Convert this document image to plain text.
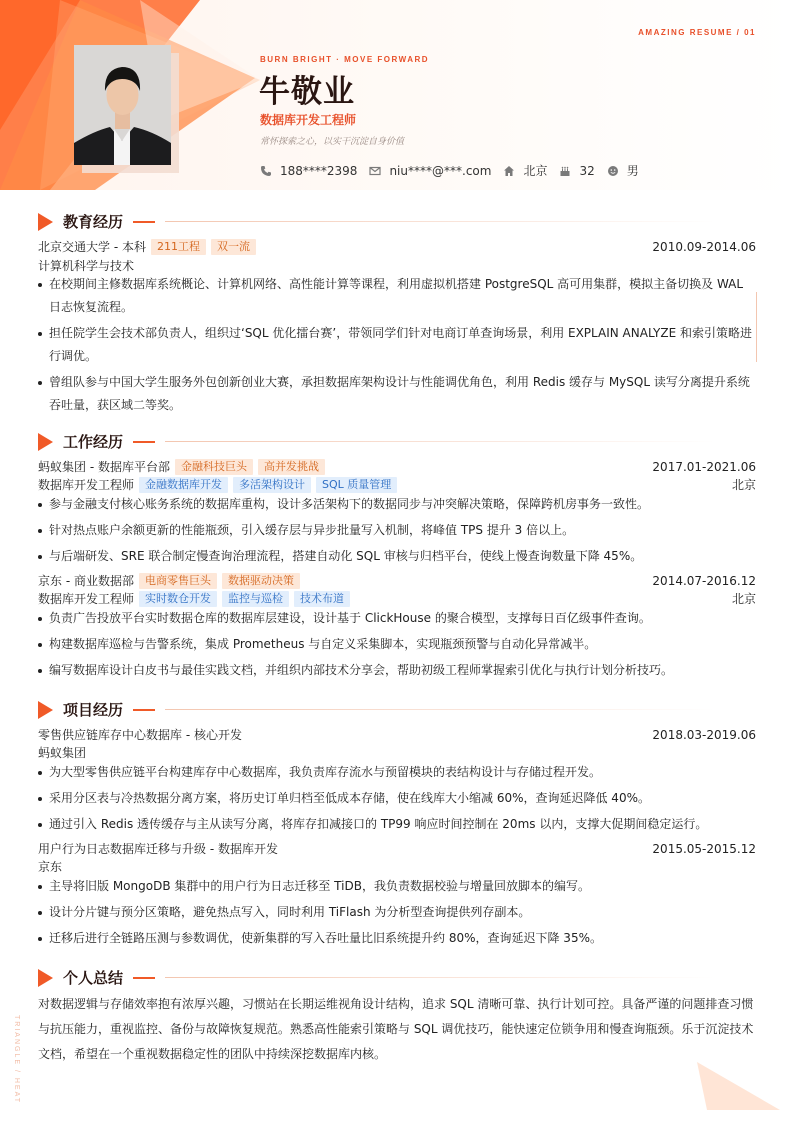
AMAZING RESUME / 01
BURN BRIGHT · MOVE FORWARD
牛敬业
数据库开发工程师
常怀探索之心，以实干沉淀自身价值
188****2398	niu****@***.com	北京	32	男
教育经历
北京交通大学 - 本科	211工程	双一流	2010.09-2014.06
计算机科学与技术
在校期间主修数据库系统概论、计算机网络、高性能计算等课程，利用虚拟机搭建 PostgreSQL 高可用集群，模拟主备切换及 WAL 日志恢复流程。
担任院学生会技术部负责人，组织过‘SQL 优化擂台赛’，带领同学们针对电商订单查询场景，利用 EXPLAIN ANALYZE 和索引策略进行调优。
曾组队参与中国大学生服务外包创新创业大赛，承担数据库架构设计与性能调优角色，利用 Redis 缓存与 MySQL 读写分离提升系统吞吐量，获区域二等奖。
工作经历
蚂蚁集团 - 数据库平台部	金融科技巨头	高并发挑战	2017.01-2021.06
数据库开发工程师	金融数据库开发	多活架构设计	SQL 质量管理	北京
参与金融支付核心账务系统的数据库重构，设计多活架构下的数据同步与冲突解决策略，保障跨机房事务一致性。
针对热点账户余额更新的性能瓶颈，引入缓存层与异步批量写入机制，将峰值 TPS 提升 3 倍以上。
与后端研发、SRE 联合制定慢查询治理流程，搭建自动化 SQL 审核与归档平台，使线上慢查询数量下降 45%。
京东 - 商业数据部	电商零售巨头	数据驱动决策	2014.07-2016.12
数据库开发工程师	实时数仓开发	监控与巡检	技术布道	北京
负责广告投放平台实时数据仓库的数据库层建设，设计基于 ClickHouse 的聚合模型，支撑每日百亿级事件查询。
构建数据库巡检与告警系统，集成 Prometheus 与自定义采集脚本，实现瓶颈预警与自动化异常减半。
编写数据库设计白皮书与最佳实践文档，并组织内部技术分享会，帮助初级工程师掌握索引优化与执行计划分析技巧。
项目经历
零售供应链库存中心数据库 - 核心开发	2018.03-2019.06
蚂蚁集团
为大型零售供应链平台构建库存中心数据库，我负责库存流水与预留模块的表结构设计与存储过程开发。
采用分区表与冷热数据分离方案，将历史订单归档至低成本存储，使在线库大小缩减 60%，查询延迟降低 40%。
通过引入 Redis 透传缓存与主从读写分离，将库存扣减接口的 TP99 响应时间控制在 20ms 以内，支撑大促期间稳定运行。
用户行为日志数据库迁移与升级 - 数据库开发	2015.05-2015.12
京东
主导将旧版 MongoDB 集群中的用户行为日志迁移至 TiDB，我负责数据校验与增量回放脚本的编写。
设计分片键与预分区策略，避免热点写入，同时利用 TiFlash 为分析型查询提供列存副本。
迁移后进行全链路压测与参数调优，使新集群的写入吞吐量比旧系统提升约 80%，查询延迟下降 35%。
个人总结

对数据逻辑与存储效率抱有浓厚兴趣，习惯站在长期运维视角设计结构，追求 SQL 清晰可靠、执行计划可控。具备严谨的问题排查习惯与抗压能力，重视监控、备份与故障恢复规范。熟悉高性能索引策略与 SQL 调优技巧，能快速定位锁争用和慢查询瓶颈。乐于沉淀技术文档，希望在一个重视数据稳定性的团队中持续深挖数据库内核。

TRIANGLE / HEAT
